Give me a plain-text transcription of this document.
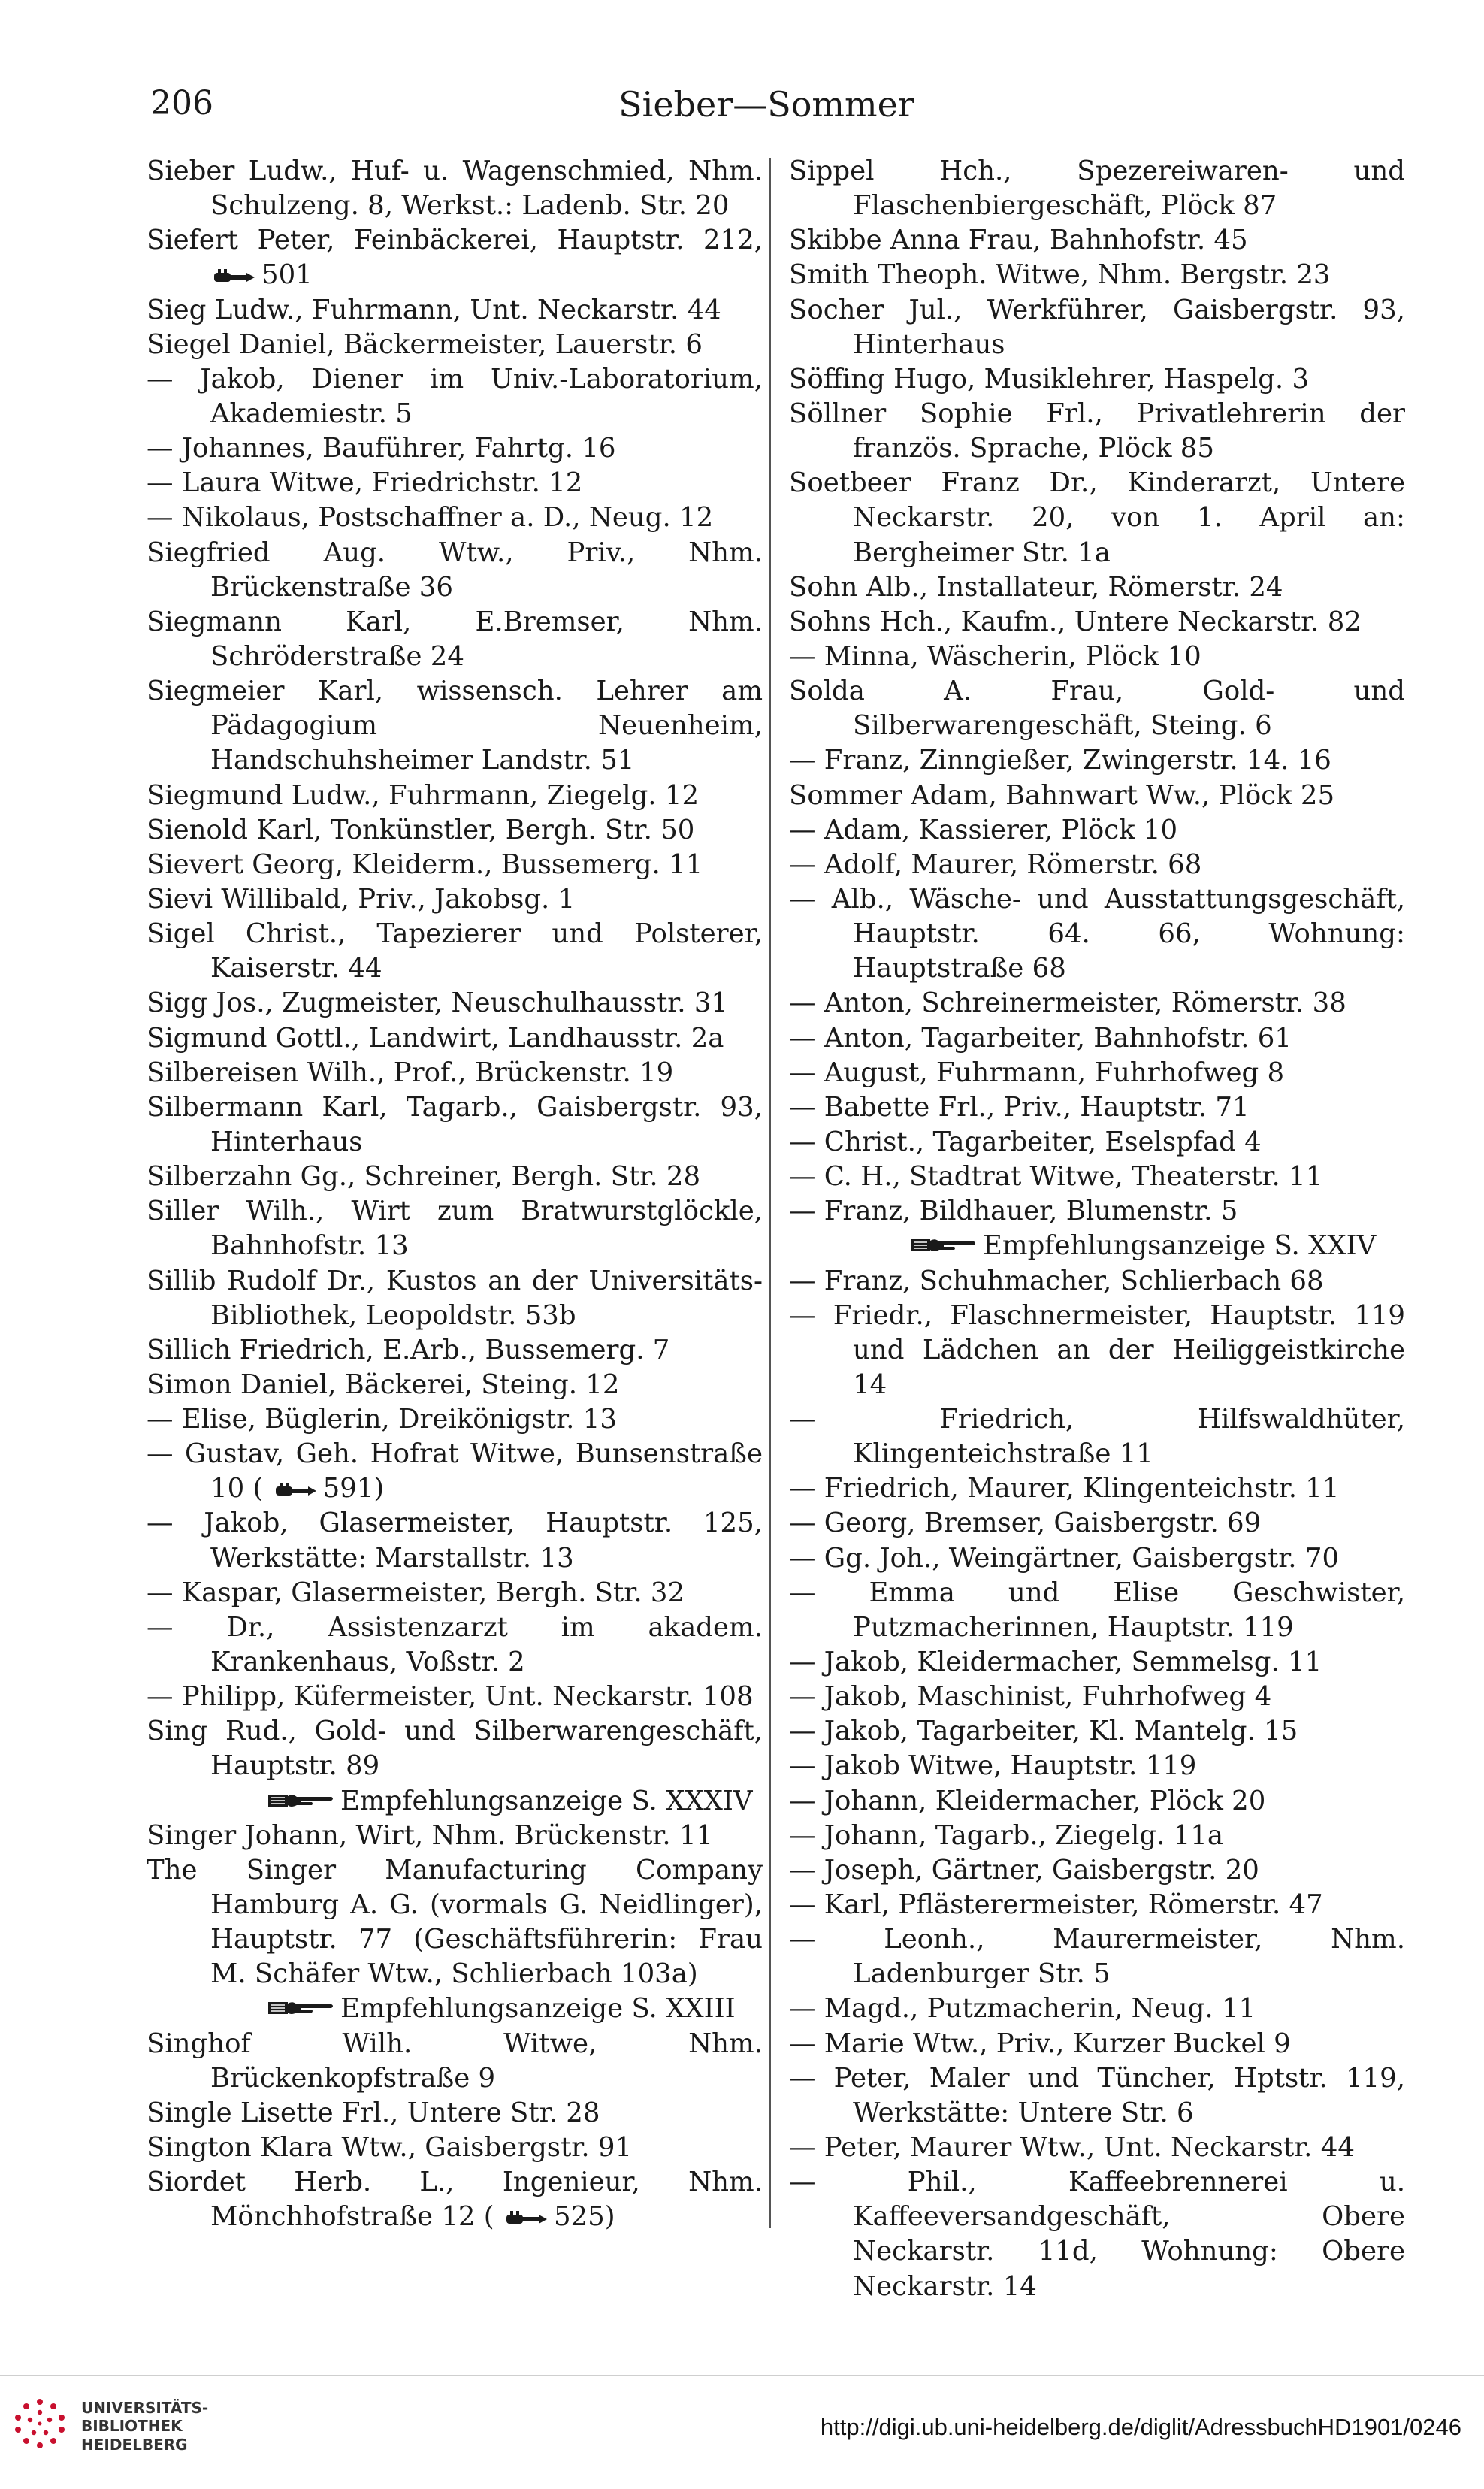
206	Sieber—Sommer

Sieber Ludw., Huf- u. Wagenschmied, Nhm. Schulzeng. 8, Werkst.: Ladenb. Str. 20

Siefert Peter, Feinbäckerei, Hauptstr. 212, 501

Sieg Ludw., Fuhrmann, Unt. Neckarstr. 44

Siegel Daniel, Bäckermeister, Lauerstr. 6

— Jakob, Diener im Univ.-Laboratorium, Akademiestr. 5

— Johannes, Bauführer, Fahrtg. 16

— Laura Witwe, Friedrichstr. 12

— Nikolaus, Postschaffner a. D., Neug. 12

Siegfried Aug. Wtw., Priv., Nhm. Brückenstraße 36

Siegmann Karl, E.Bremser, Nhm. Schröderstraße 24

Siegmeier Karl, wissensch. Lehrer am Pädagogium Neuenheim, Handschuhsheimer Landstr. 51

Siegmund Ludw., Fuhrmann, Ziegelg. 12

Sienold Karl, Tonkünstler, Bergh. Str. 50

Sievert Georg, Kleiderm., Bussemerg. 11

Sievi Willibald, Priv., Jakobsg. 1

Sigel Christ., Tapezierer und Polsterer, Kaiserstr. 44

Sigg Jos., Zugmeister, Neuschulhausstr. 31

Sigmund Gottl., Landwirt, Landhausstr. 2a

Silbereisen Wilh., Prof., Brückenstr. 19

Silbermann Karl, Tagarb., Gaisbergstr. 93, Hinterhaus

Silberzahn Gg., Schreiner, Bergh. Str. 28

Siller Wilh., Wirt zum Bratwurstglöckle, Bahnhofstr. 13

Sillib Rudolf Dr., Kustos an der Universitäts-Bibliothek, Leopoldstr. 53b

Sillich Friedrich, E.Arb., Bussemerg. 7

Simon Daniel, Bäckerei, Steing. 12

— Elise, Büglerin, Dreikönigstr. 13

— Gustav, Geh. Hofrat Witwe, Bunsenstraße 10 ( 591)

— Jakob, Glasermeister, Hauptstr. 125, Werkstätte: Marstallstr. 13

— Kaspar, Glasermeister, Bergh. Str. 32

— Dr., Assistenzarzt im akadem. Krankenhaus, Voßstr. 2

— Philipp, Küfermeister, Unt. Neckarstr. 108

Sing Rud., Gold- und Silberwarengeschäft, Hauptstr. 89

Empfehlungsanzeige S. XXXIV

Singer Johann, Wirt, Nhm. Brückenstr. 11

The Singer Manufacturing Company Hamburg A. G. (vormals G. Neidlinger), Hauptstr. 77 (Geschäftsführerin: Frau M. Schäfer Wtw., Schlierbach 103a)

Empfehlungsanzeige S. XXIII

Singhof Wilh. Witwe, Nhm. Brückenkopfstraße 9

Single Lisette Frl., Untere Str. 28

Sington Klara Wtw., Gaisbergstr. 91

Siordet Herb. L., Ingenieur, Nhm. Mönchhofstraße 12 ( 525)

Sippel Hch., Spezereiwaren- und Flaschenbiergeschäft, Plöck 87

Skibbe Anna Frau, Bahnhofstr. 45

Smith Theoph. Witwe, Nhm. Bergstr. 23

Socher Jul., Werkführer, Gaisbergstr. 93, Hinterhaus

Söffing Hugo, Musiklehrer, Haspelg. 3

Söllner Sophie Frl., Privatlehrerin der französ. Sprache, Plöck 85

Soetbeer Franz Dr., Kinderarzt, Untere Neckarstr. 20, von 1. April an: Bergheimer Str. 1a

Sohn Alb., Installateur, Römerstr. 24

Sohns Hch., Kaufm., Untere Neckarstr. 82

— Minna, Wäscherin, Plöck 10

Solda A. Frau, Gold- und Silberwarengeschäft, Steing. 6

— Franz, Zinngießer, Zwingerstr. 14. 16

Sommer Adam, Bahnwart Ww., Plöck 25

— Adam, Kassierer, Plöck 10

— Adolf, Maurer, Römerstr. 68

— Alb., Wäsche- und Ausstattungsgeschäft, Hauptstr. 64. 66, Wohnung: Hauptstraße 68

— Anton, Schreinermeister, Römerstr. 38

— Anton, Tagarbeiter, Bahnhofstr. 61

— August, Fuhrmann, Fuhrhofweg 8

— Babette Frl., Priv., Hauptstr. 71

— Christ., Tagarbeiter, Eselspfad 4

— C. H., Stadtrat Witwe, Theaterstr. 11

— Franz, Bildhauer, Blumenstr. 5

Empfehlungsanzeige S. XXIV

— Franz, Schuhmacher, Schlierbach 68

— Friedr., Flaschnermeister, Hauptstr. 119 und Lädchen an der Heiliggeistkirche 14

— Friedrich, Hilfswaldhüter, Klingenteichstraße 11

— Friedrich, Maurer, Klingenteichstr. 11

— Georg, Bremser, Gaisbergstr. 69

— Gg. Joh., Weingärtner, Gaisbergstr. 70

— Emma und Elise Geschwister, Putzmacherinnen, Hauptstr. 119

— Jakob, Kleidermacher, Semmelsg. 11

— Jakob, Maschinist, Fuhrhofweg 4

— Jakob, Tagarbeiter, Kl. Mantelg. 15

— Jakob Witwe, Hauptstr. 119

— Johann, Kleidermacher, Plöck 20

— Johann, Tagarb., Ziegelg. 11a

— Joseph, Gärtner, Gaisbergstr. 20

— Karl, Pflästerermeister, Römerstr. 47

— Leonh., Maurermeister, Nhm. Ladenburger Str. 5

— Magd., Putzmacherin, Neug. 11

— Marie Wtw., Priv., Kurzer Buckel 9

— Peter, Maler und Tüncher, Hptstr. 119, Werkstätte: Untere Str. 6

— Peter, Maurer Wtw., Unt. Neckarstr. 44

— Phil., Kaffeebrennerei u. Kaffeeversandgeschäft, Obere Neckarstr. 11d, Wohnung: Obere Neckarstr. 14

UNIVERSITÄTS-
BIBLIOTHEK
HEIDELBERG
http://digi.ub.uni-heidelberg.de/diglit/AdressbuchHD1901/0246
